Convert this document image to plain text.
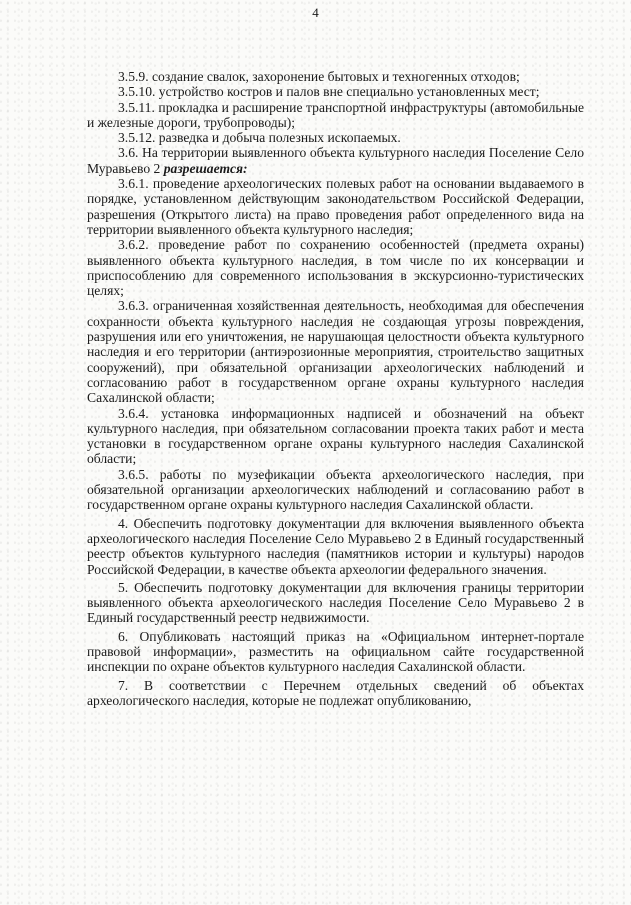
4

3.5.9. создание свалок, захоронение бытовых и техногенных отходов;

3.5.10. устройство костров и палов вне специально установленных мест;

3.5.11. прокладка и расширение транспортной инфраструктуры (автомобильные и железные дороги, трубопроводы);

3.5.12. разведка и добыча полезных ископаемых.

3.6. На территории выявленного объекта культурного наследия Поселение Село Муравьево 2 разрешается:

3.6.1. проведение археологических полевых работ на основании выдаваемого в порядке, установленном действующим законодательством Российской Федерации, разрешения (Открытого листа) на право проведения работ определенного вида на территории выявленного объекта культурного наследия;

3.6.2. проведение работ по сохранению особенностей (предмета охраны) выявленного объекта культурного наследия, в том числе по их консервации и приспособлению для современного использования в экскурсионно-туристических целях;

3.6.3. ограниченная хозяйственная деятельность, необходимая для обеспечения сохранности объекта культурного наследия не создающая угрозы повреждения, разрушения или его уничтожения, не нарушающая целостности объекта культурного наследия и его территории (антиэрозионные мероприятия, строительство защитных сооружений), при обязательной организации археологических наблюдений и согласованию работ в государственном органе охраны культурного наследия Сахалинской области;

3.6.4. установка информационных надписей и обозначений на объект культурного наследия, при обязательном согласовании проекта таких работ и места установки в государственном органе охраны культурного наследия Сахалинской области;

3.6.5. работы по музефикации объекта археологического наследия, при обязательной организации археологических наблюдений и согласованию работ в государственном органе охраны культурного наследия Сахалинской области.

4. Обеспечить подготовку документации для включения выявленного объекта археологического наследия Поселение Село Муравьево 2 в Единый государственный реестр объектов культурного наследия (памятников истории и культуры) народов Российской Федерации, в качестве объекта археологии федерального значения.

5. Обеспечить подготовку документации для включения границы территории выявленного объекта археологического наследия Поселение Село Муравьево 2 в Единый государственный реестр недвижимости.

6. Опубликовать настоящий приказ на «Официальном интернет-портале правовой информации», разместить на официальном сайте государственной инспекции по охране объектов культурного наследия Сахалинской области.

7. В соответствии с Перечнем отдельных сведений об объектах археологического наследия, которые не подлежат опубликованию,
